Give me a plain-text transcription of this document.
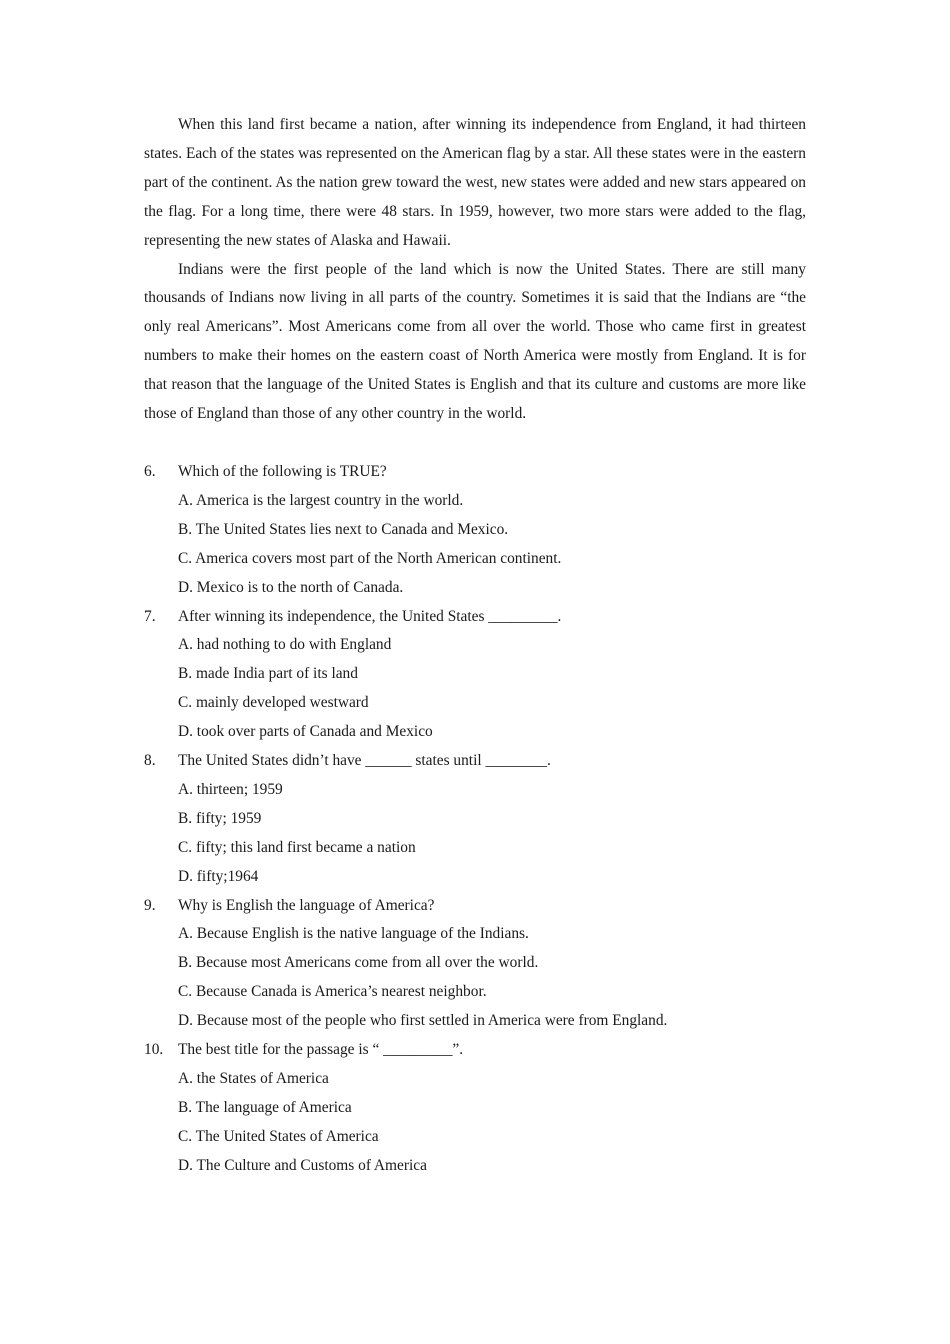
When this land first became a nation, after winning its independence from England, it had thirteen states. Each of the states was represented on the American flag by a star. All these states were in the eastern part of the continent. As the nation grew toward the west, new states were added and new stars appeared on the flag. For a long time, there were 48 stars. In 1959, however, two more stars were added to the flag, representing the new states of Alaska and Hawaii.

Indians were the first people of the land which is now the United States. There are still many thousands of Indians now living in all parts of the country. Sometimes it is said that the Indians are “the only real Americans”. Most Americans come from all over the world. Those who came first in greatest numbers to make their homes on the eastern coast of North America were mostly from England. It is for that reason that the language of the United States is English and that its culture and customs are more like those of England than those of any other country in the world.

6.	Which of the following is TRUE?
A. America is the largest country in the world.
B. The United States lies next to Canada and Mexico.
C. America covers most part of the North American continent.
D. Mexico is to the north of Canada.
7.	After winning its independence, the United States _________.
A. had nothing to do with England
B. made India part of its land
C. mainly developed westward
D. took over parts of Canada and Mexico
8.	The United States didn’t have ______ states until ________.
A. thirteen; 1959
B. fifty; 1959
C. fifty; this land first became a nation
D. fifty;1964
9.	Why is English the language of America?
A. Because English is the native language of the Indians.
B. Because most Americans come from all over the world.
C. Because Canada is America’s nearest neighbor.
D. Because most of the people who first settled in America were from England.
10. The best title for the passage is “ _________”.
A. the States of America
B. The language of America
C. The United States of America
D. The Culture and Customs of America
